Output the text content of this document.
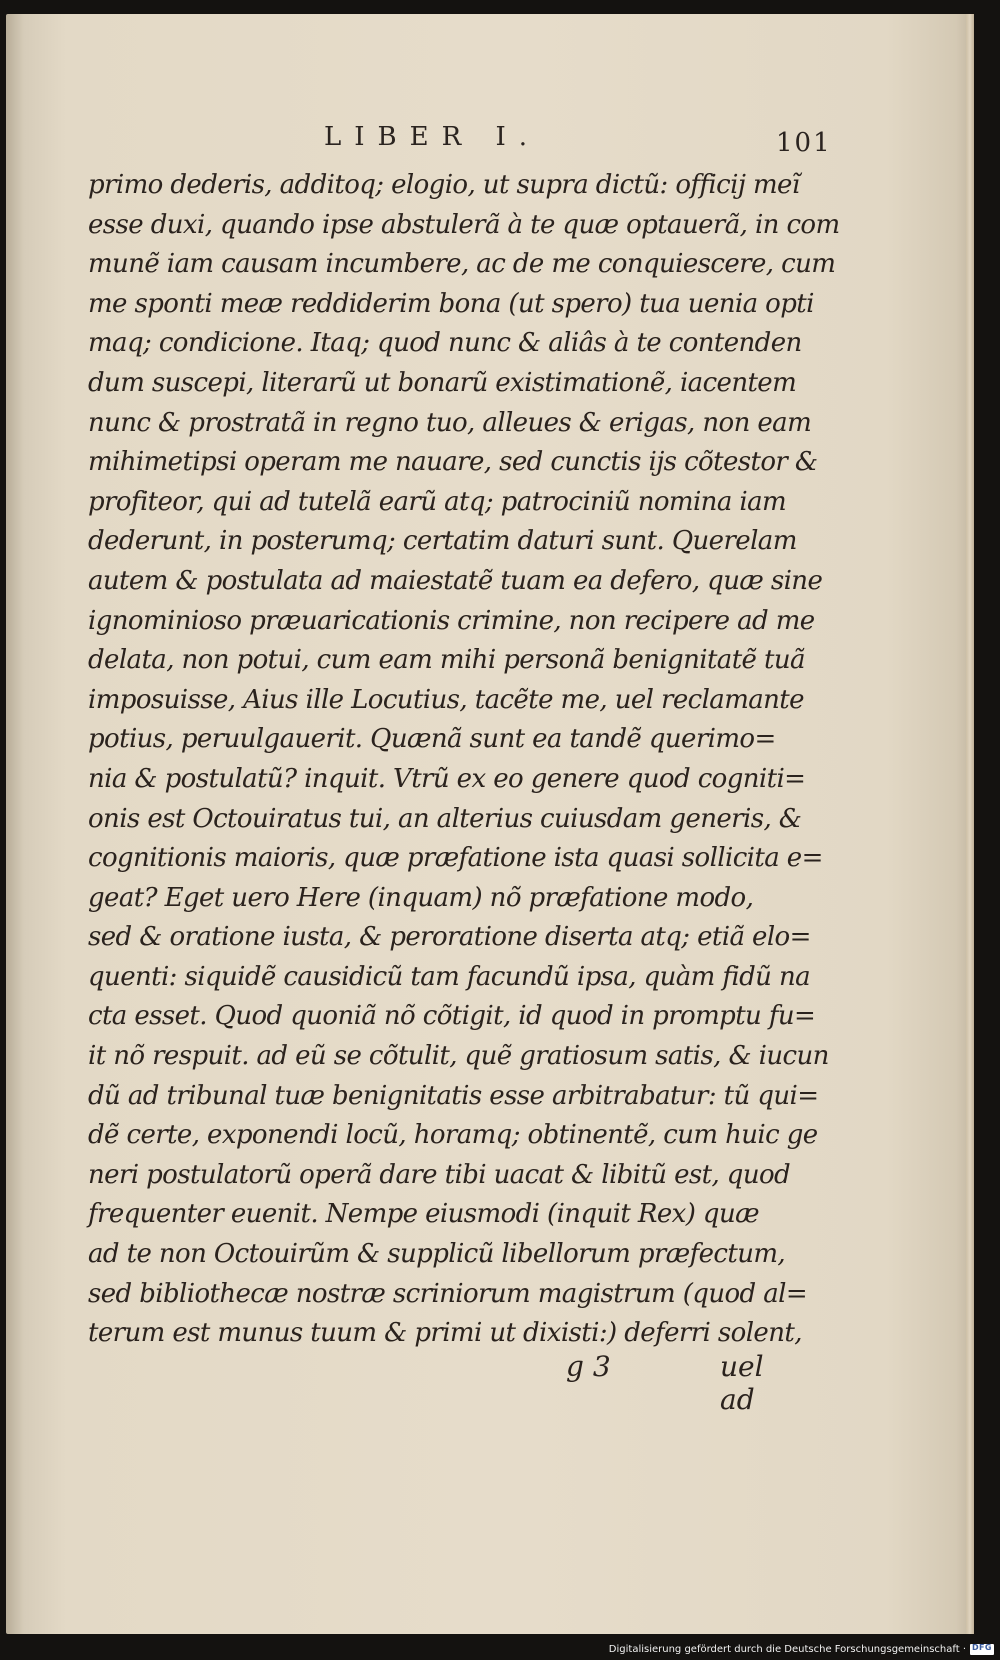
LIBER I.	101
primo dederis, additoq; elogio, ut supra dictũ: officij meĩ
esse duxi, quando ipse abstulerã à te quæ optauerã, in com
munẽ iam causam incumbere, ac de me conquiescere, cum
me sponti meæ reddiderim bona (ut spero) tua uenia opti
maq; condicione. Itaq; quod nunc & aliâs à te contenden
dum suscepi, literarũ ut bonarũ existimationẽ, iacentem
nunc & prostratã in regno tuo, alleues & erigas, non eam
mihimetipsi operam me nauare, sed cunctis ijs cõtestor &
profiteor, qui ad tutelã earũ atq; patrociniũ nomina iam
dederunt, in posterumq; certatim daturi sunt. Querelam
autem & postulata ad maiestatẽ tuam ea defero, quæ sine
ignominioso præuaricationis crimine, non recipere ad me
delata, non potui, cum eam mihi personã benignitatẽ tuã
imposuisse, Aius ille Locutius, tacẽte me, uel reclamante
potius, peruulgauerit. Quænã sunt ea tandẽ querimo=
nia & postulatũ? inquit. Vtrũ ex eo genere quod cogniti=
onis est Octouiratus tui, an alterius cuiusdam generis, &
cognitionis maioris, quæ præfatione ista quasi sollicita e=
geat? Eget uero Here (inquam) nõ præfatione modo,
sed & oratione iusta, & peroratione diserta atq; etiã elo=
quenti: siquidẽ causidicũ tam facundũ ipsa, quàm fidũ na
cta esset. Quod quoniã nõ cõtigit, id quod in promptu fu=
it nõ respuit. ad eũ se cõtulit, quẽ gratiosum satis, & iucun
dũ ad tribunal tuæ benignitatis esse arbitrabatur: tũ qui=
dẽ certe, exponendi locũ, horamq; obtinentẽ, cum huic ge
neri postulatorũ operã dare tibi uacat & libitũ est, quod
frequenter euenit. Nempe eiusmodi (inquit Rex) quæ
ad te non Octouirũm & supplicũ libellorum præfectum,
sed bibliothecæ nostræ scriniorum magistrum (quod al=
terum est munus tuum & primi ut dixisti:) deferri solent,
g 3	uel ad
Digitalisierung gefördert durch die Deutsche Forschungsgemeinschaft · DFG
